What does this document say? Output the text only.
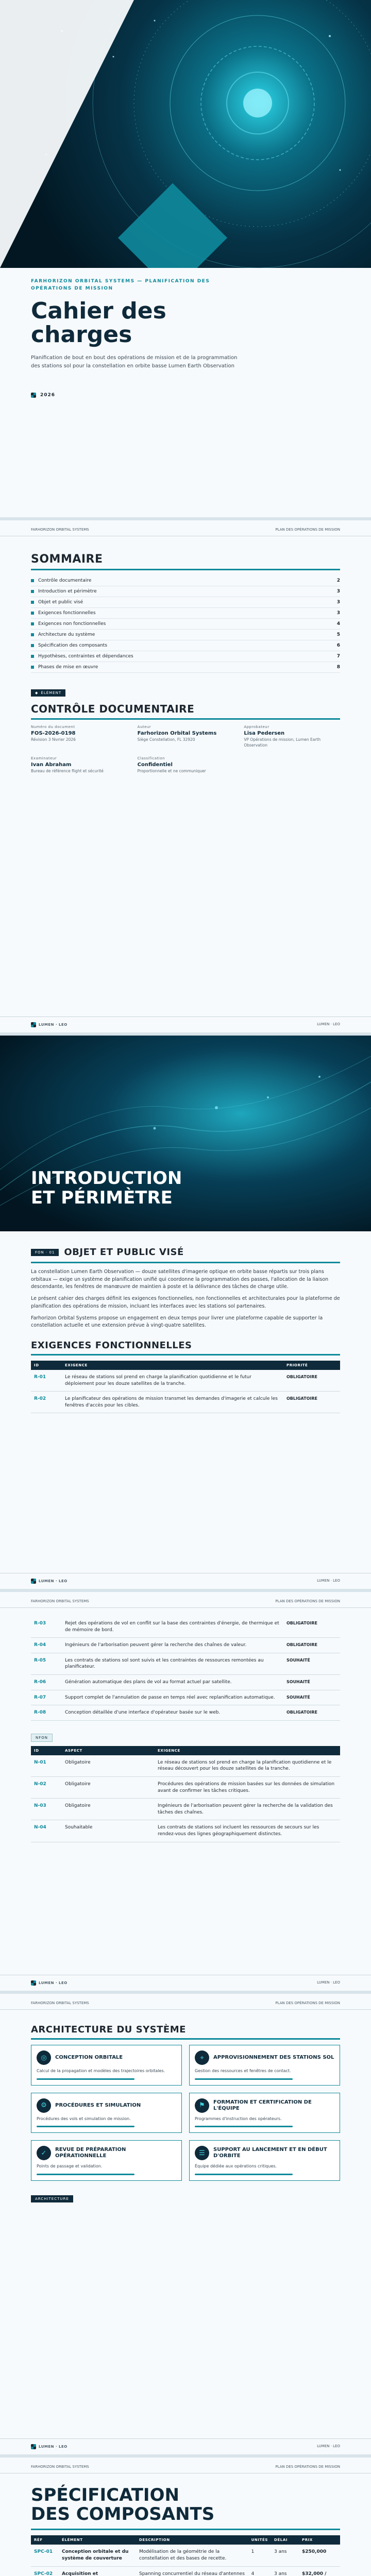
FARHORIZON ORBITAL SYSTEMS — PLANIFICATION DES OPÉRATIONS DE MISSION
Cahier des
charges

Planification de bout en bout des opérations de mission et de la programmation des stations sol pour la constellation en orbite basse Lumen Earth Observation

2026
FARHORIZON ORBITAL SYSTEMS	PLAN DES OPÉRATIONS DE MISSION
SOMMAIRE
Contrôle documentaire	2
Introduction et périmètre	3
Objet et public visé	3
Exigences fonctionnelles	3
Exigences non fonctionnelles	4
Architecture du système	5
Spécification des composants	6
Hypothèses, contraintes et dépendances	7
Phases de mise en œuvre	8
◆ ÉLÉMENT
CONTRÔLE DOCUMENTAIRE
Numéro du document
FOS-2026-0198
Révision 3 février 2026
Auteur
Farhorizon Orbital Systems
Siège Constellation, FL 32920
Approbateur
Lisa Pedersen
VP Opérations de mission, Lumen Earth Observation
Examinateur
Ivan Abraham
Bureau de référence flight et sécurité
Classification
Confidentiel
Proportionnelle et ne communiquer
LUMEN · LEO	LUMEN · LEO
INTRODUCTION
ET PÉRIMÈTRE
FON · 01 OBJET ET PUBLIC VISÉ

La constellation Lumen Earth Observation — douze satellites d'imagerie optique en orbite basse répartis sur trois plans orbitaux — exige un système de planification unifié qui coordonne la programmation des passes, l'allocation de la liaison descendante, les fenêtres de manœuvre de maintien à poste et la délivrance des tâches de charge utile.

Le présent cahier des charges définit les exigences fonctionnelles, non fonctionnelles et architecturales pour la plateforme de planification des opérations de mission, incluant les interfaces avec les stations sol partenaires.

Farhorizon Orbital Systems propose un engagement en deux temps pour livrer une plateforme capable de supporter la constellation actuelle et une extension prévue à vingt-quatre satellites.

EXIGENCES FONCTIONNELLES
ID	EXIGENCE	PRIORITÉ
R-01	Le réseau de stations sol prend en charge la planification quotidienne et le futur déploiement pour les douze satellites de la tranche.	OBLIGATOIRE
R-02	Le planificateur des opérations de mission transmet les demandes d'imagerie et calcule les fenêtres d'accès pour les cibles.	OBLIGATOIRE
LUMEN · LEO	LUMEN · LEO
FARHORIZON ORBITAL SYSTEMS	PLAN DES OPÉRATIONS DE MISSION
R-03	Rejet des opérations de vol en conflit sur la base des contraintes d'énergie, de thermique et de mémoire de bord.	OBLIGATOIRE
R-04	Ingénieurs de l'arborisation peuvent gérer la recherche des chaînes de valeur.	OBLIGATOIRE
R-05	Les contrats de stations sol sont suivis et les contraintes de ressources remontées au planificateur.	SOUHAITÉ
R-06	Génération automatique des plans de vol au format actuel par satellite.	SOUHAITÉ
R-07	Support complet de l'annulation de passe en temps réel avec replanification automatique.	SOUHAITÉ
R-08	Conception détaillée d'une interface d'opérateur basée sur le web.	OBLIGATOIRE
NFON
ID	ASPECT	EXIGENCE
N-01	Obligatoire	Le réseau de stations sol prend en charge la planification quotidienne et le réseau découvert pour les douze satellites de la tranche.
N-02	Obligatoire	Procédures des opérations de mission basées sur les données de simulation avant de confirmer les tâches critiques.
N-03	Obligatoire	Ingénieurs de l'arborisation peuvent gérer la recherche de la validation des tâches des chaînes.
N-04	Souhaitable	Les contrats de stations sol incluent les ressources de secours sur les rendez-vous des lignes géographiquement distinctes.
LUMEN · LEO	LUMEN · LEO
FARHORIZON ORBITAL SYSTEMS	PLAN DES OPÉRATIONS DE MISSION
ARCHITECTURE DU SYSTÈME
◎	CONCEPTION ORBITALE
Calcul de la propagation et modèles des trajectoires orbitales.
⌖	APPROVISIONNEMENT DES STATIONS SOL
Gestion des ressources et fenêtres de contact.
⚙	PROCÉDURES ET SIMULATION
Procédures des vols et simulation de mission.
⚑	FORMATION ET CERTIFICATION DE L'ÉQUIPE
Programmes d'instruction des opérateurs.
✓	REVUE DE PRÉPARATION OPÉRATIONNELLE
Points de passage et validation.
☰	SUPPORT AU LANCEMENT ET EN DÉBUT D'ORBITE
Équipe dédiée aux opérations critiques.
ARCHITECTURE
LUMEN · LEO	LUMEN · LEO
FARHORIZON ORBITAL SYSTEMS	PLAN DES OPÉRATIONS DE MISSION
SPÉCIFICATION
DES COMPOSANTS
RÉF	ÉLÉMENT	DESCRIPTION	UNITÉS	DÉLAI	PRIX
SPC-01	Conception orbitale et du système de couverture	Modélisation de la géométrie de la constellation et des bases de recette.	1	3 ans	$250,000
SPC-02	Acquisition et	Spanning concurrentiel du réseau d'antennes	4	3 ans	$32,000 /
